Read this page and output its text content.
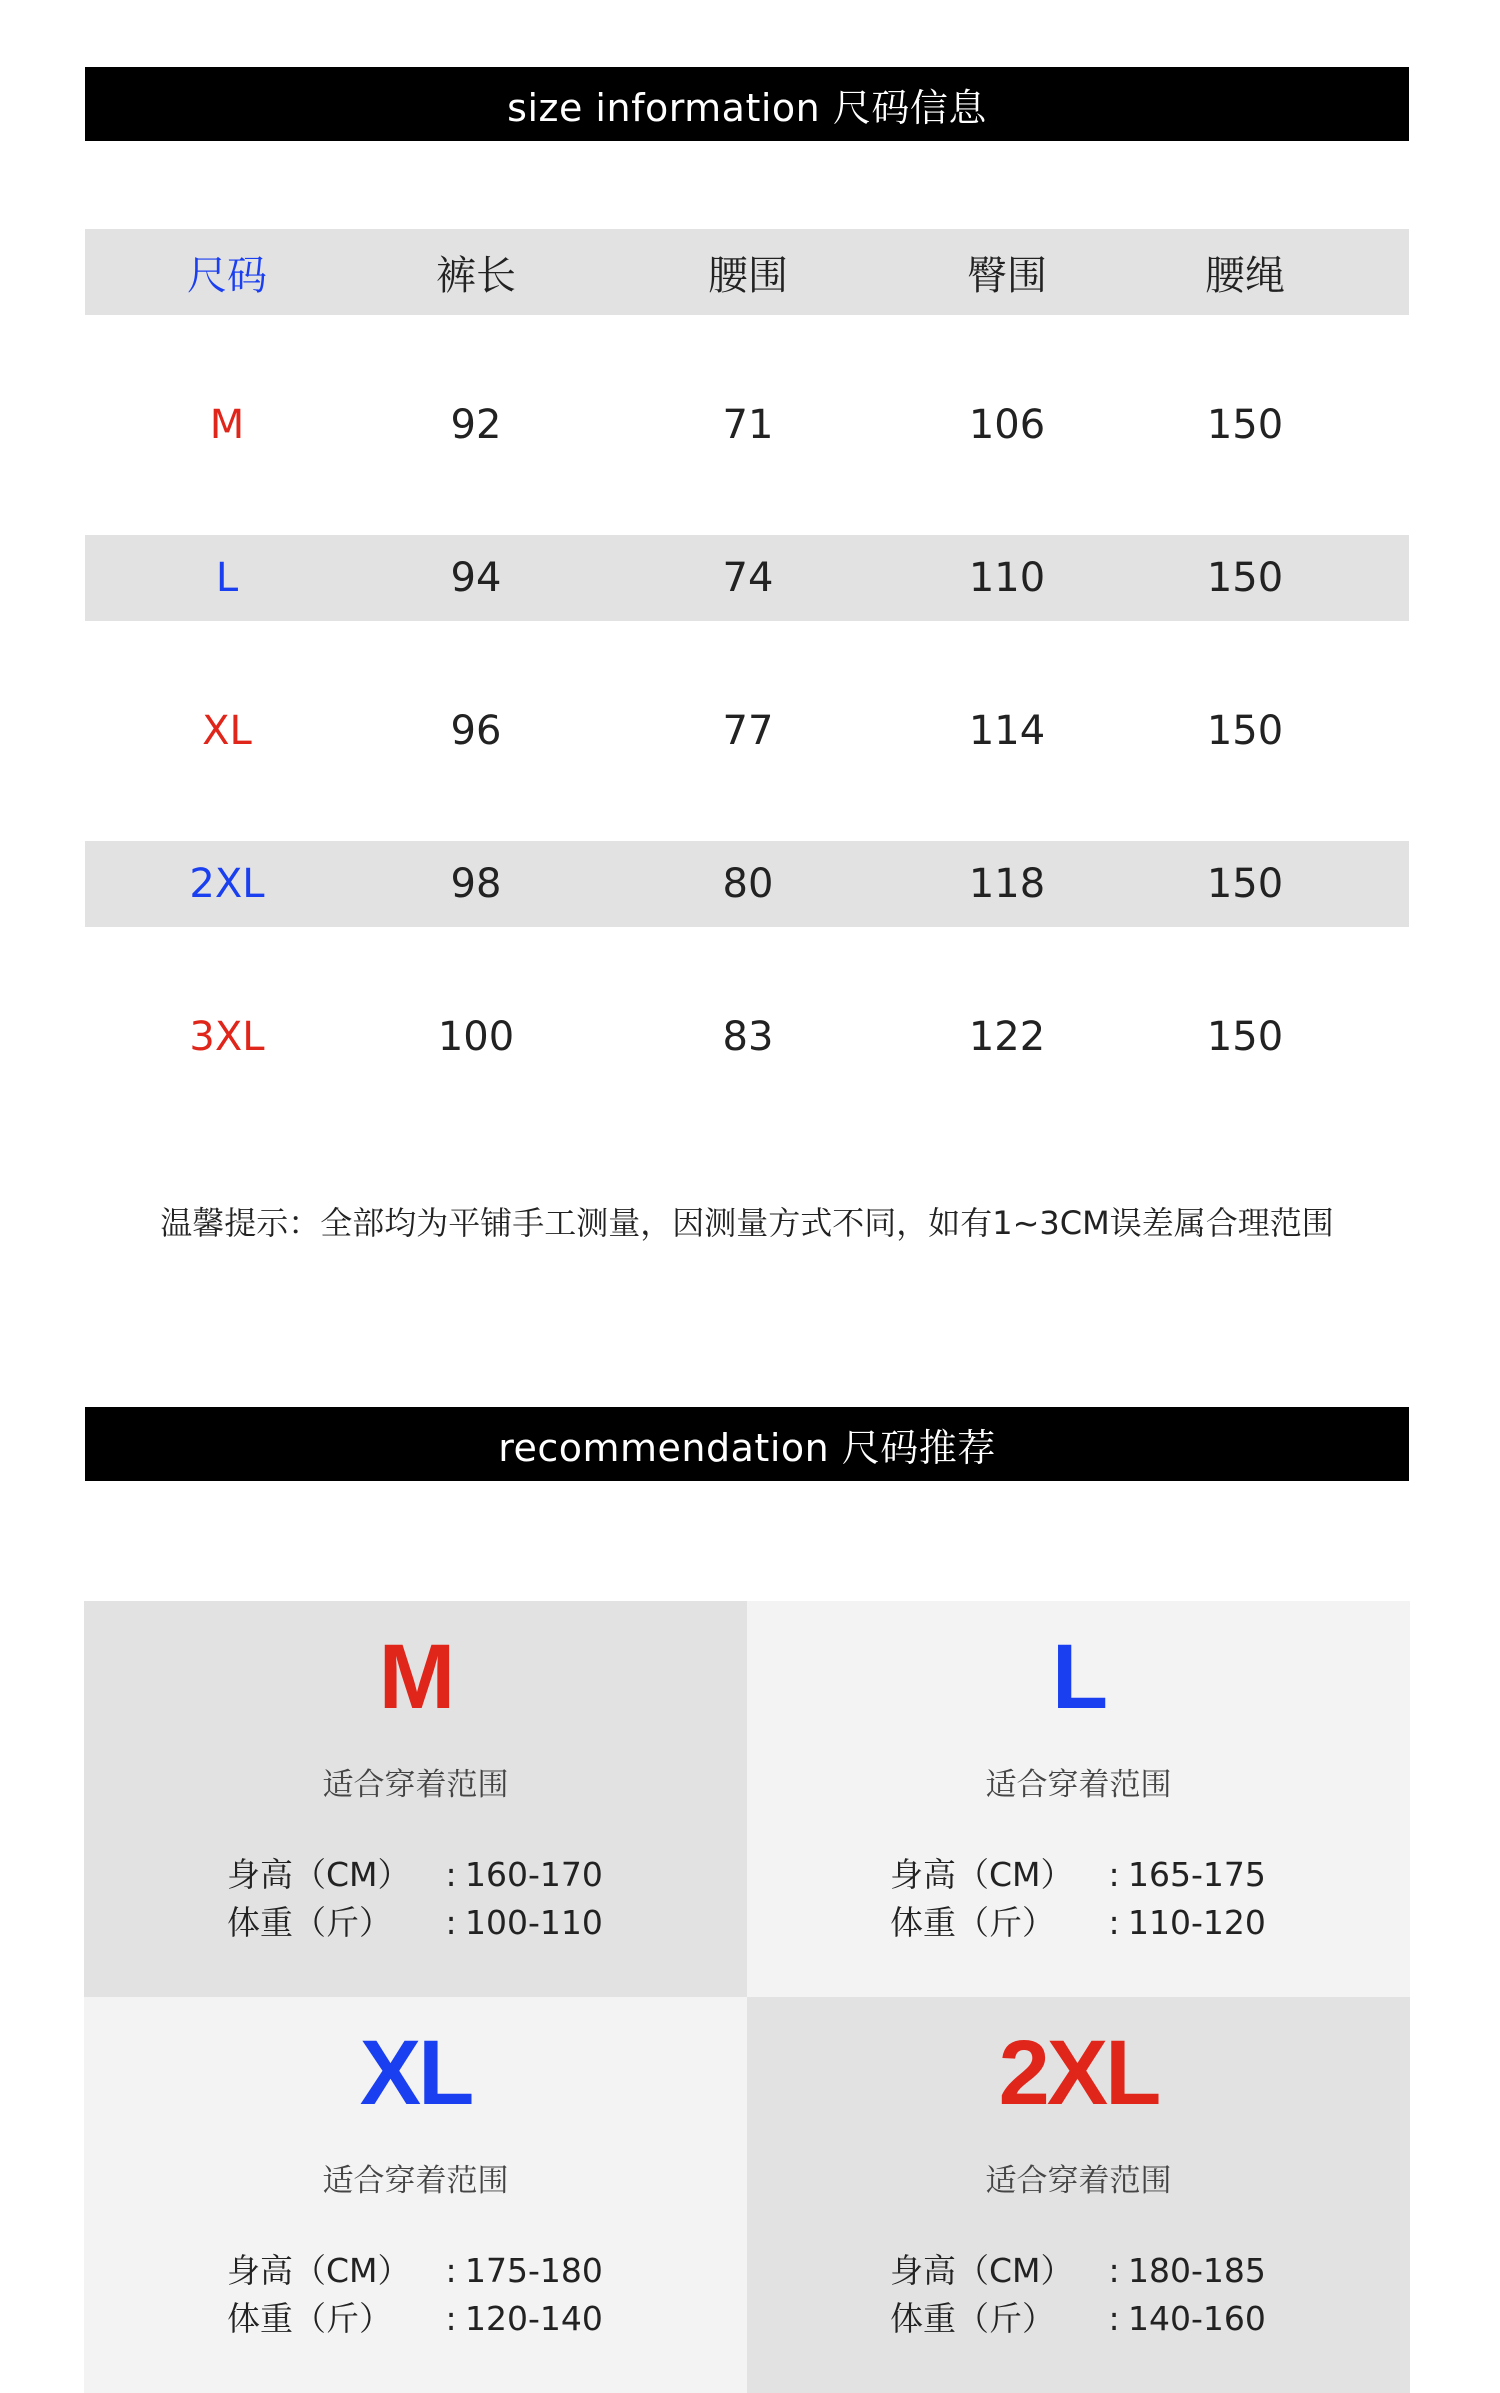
size information 尺码信息
尺码	裤长	腰围	臀围	腰绳
M	92	71	106	150
L	94	74	110	150
XL	96	77	114	150
2XL	98	80	118	150
3XL	100	83	122	150
温馨提示：全部均为平铺手工测量，因测量方式不同，如有1~3CM误差属合理范围
recommendation 尺码推荐
M
适合穿着范围
身高（CM） : 160-170
体重（斤） : 100-110
L
适合穿着范围
身高（CM） : 165-175
体重（斤） : 110-120
XL
适合穿着范围
身高（CM） : 175-180
体重（斤） : 120-140
2XL
适合穿着范围
身高（CM） : 180-185
体重（斤） : 140-160
